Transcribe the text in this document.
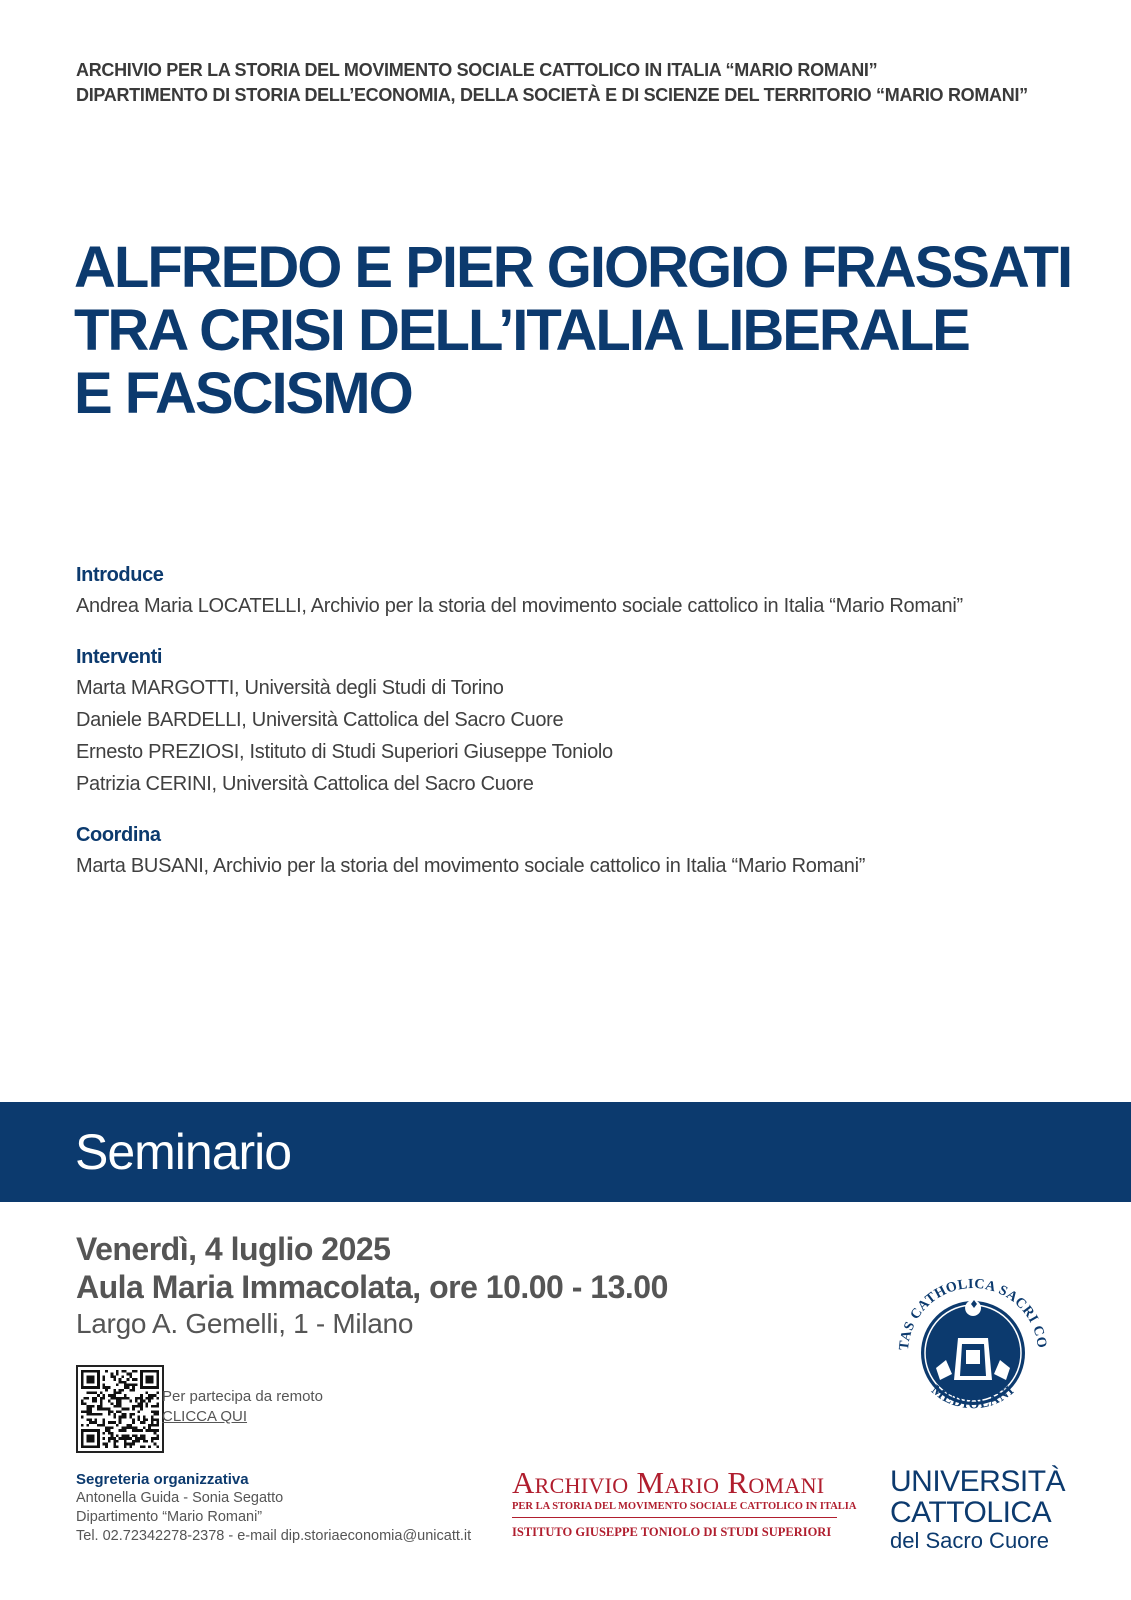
ARCHIVIO PER LA STORIA DEL MOVIMENTO SOCIALE CATTOLICO IN ITALIA “MARIO ROMANI”
DIPARTIMENTO DI STORIA DELL’ECONOMIA, DELLA SOCIETÀ E DI SCIENZE DEL TERRITORIO “MARIO ROMANI”
ALFREDO E PIER GIORGIO FRASSATI
TRA CRISI DELL’ITALIA LIBERALE
E FASCISMO
Introduce
Andrea Maria LOCATELLI, Archivio per la storia del movimento sociale cattolico in Italia “Mario Romani”
Interventi
Marta MARGOTTI, Università degli Studi di Torino
Daniele BARDELLI, Università Cattolica del Sacro Cuore
Ernesto PREZIOSI, Istituto di Studi Superiori Giuseppe Toniolo
Patrizia CERINI, Università Cattolica del Sacro Cuore
Coordina
Marta BUSANI, Archivio per la storia del movimento sociale cattolico in Italia “Mario Romani”
Seminario
Venerdì, 4 luglio 2025
Aula Maria Immacolata, ore 10.00 - 13.00
Largo A. Gemelli, 1 - Milano
Per partecipa da remoto
CLICCA QUI
Segreteria organizzativa
Antonella Guida - Sonia Segatto
Dipartimento “Mario Romani”
Tel. 02.72342278-2378 - e-mail dip.storiaeconomia@unicatt.it
Archivio Mario Romani
PER LA STORIA DEL MOVIMENTO SOCIALE CATTOLICO IN ITALIA
ISTITUTO GIUSEPPE TONIOLO DI STUDI SUPERIORI
TAS CATHOLICA SACRI CO
MEDIOLANI
UNIVERSITÀ
CATTOLICA
del Sacro Cuore
